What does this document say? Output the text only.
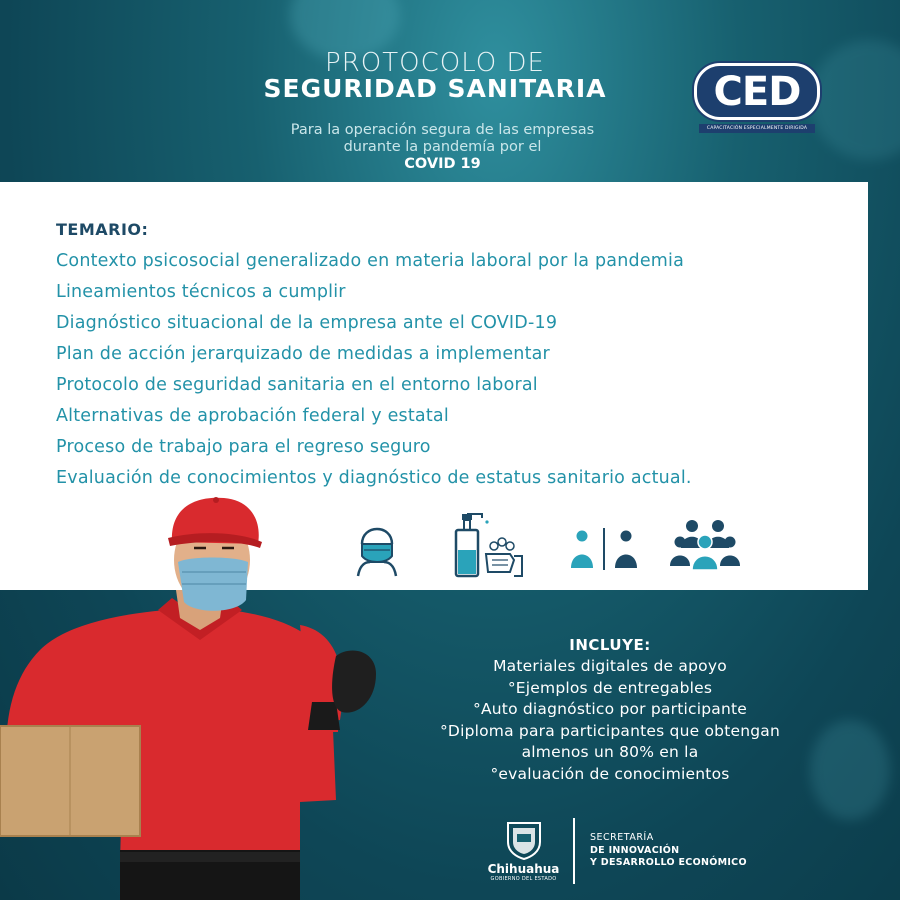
PROTOCOLO DE
SEGURIDAD SANITARIA
Para la operación segura de las empresas
durante la pandemía por el
COVID 19
CED
CAPACITACIÓN ESPECIALMENTE DIRIGIDA
TEMARIO:
Contexto psicosocial generalizado en materia laboral por la pandemia
Lineamientos técnicos a cumplir
Diagnóstico situacional de la empresa ante el COVID-19
Plan de acción jerarquizado de medidas a implementar
Protocolo de seguridad sanitaria en el entorno laboral
Alternativas de aprobación federal y estatal
Proceso de trabajo para el regreso seguro
Evaluación de conocimientos y diagnóstico de estatus sanitario actual.
INCLUYE:
Materiales digitales de apoyo
°Ejemplos de entregables
°Auto diagnóstico por participante
°Diploma para participantes que obtengan
almenos un 80% en la
°evaluación de conocimientos
Chihuahua
GOBIERNO DEL ESTADO
SECRETARÍA
DE INNOVACIÓN
Y DESARROLLO ECONÓMICO
